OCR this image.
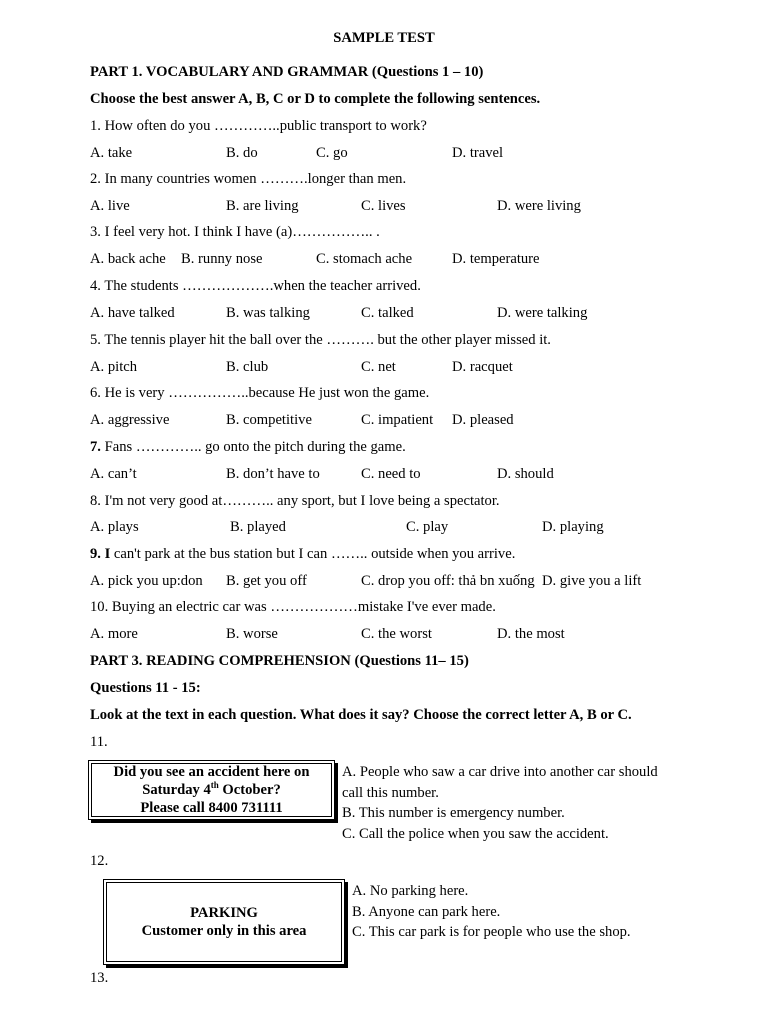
SAMPLE TEST
PART 1. VOCABULARY AND GRAMMAR (Questions 1 – 10)
Choose the best answer A, B, C or D to complete the following sentences.
1. How often do you …………..public transport to work?
A. take	B. do	C. go	D. travel
2. In many countries women ……….longer than men.
A. live	B. are living	C. lives	D. were living
3. I feel very hot. I think I have (a)…………….. .
A. back ache B. runny nose	C. stomach ache	D. temperature
4. The students ……………….when the teacher arrived.
A. have talked	B. was talking	C. talked	D. were talking
5. The tennis player hit the ball over the ………. but the other player missed it.
A. pitch	B. club	C. net	D. racquet
6. He is very ……………..because He just won the game.
A. aggressive	B. competitive	C. impatient D. pleased
7. Fans ………….. go onto the pitch during the game.
A. can’t	B. don’t have to	C. need to	D. should
8. I'm not very good at……….. any sport, but I love being a spectator.
A. plays	B. played	C. play	D. playing
9. I can't park at the bus station but I can …….. outside when you arrive.
A. pick you up:don B. get you off	C. drop you off: thả bn xuống D. give you a lift
10. Buying an electric car was ………………mistake I've ever made.
A. more	B. worse	C. the worst	D. the most
PART 3. READING COMPREHENSION (Questions 11– 15)
Questions 11 - 15:
Look at the text in each question. What does it say? Choose the correct letter A, B or C.
11.
Did you see an accident here on
Saturday 4th October?
Please call 8400 731111
A. People who saw a car drive into another car should
call this number.
B. This number is emergency number.
C. Call the police when you saw the accident.
12.
PARKING
Customer only in this area
A. No parking here.
B. Anyone can park here.
C. This car park is for people who use the shop.
13.
